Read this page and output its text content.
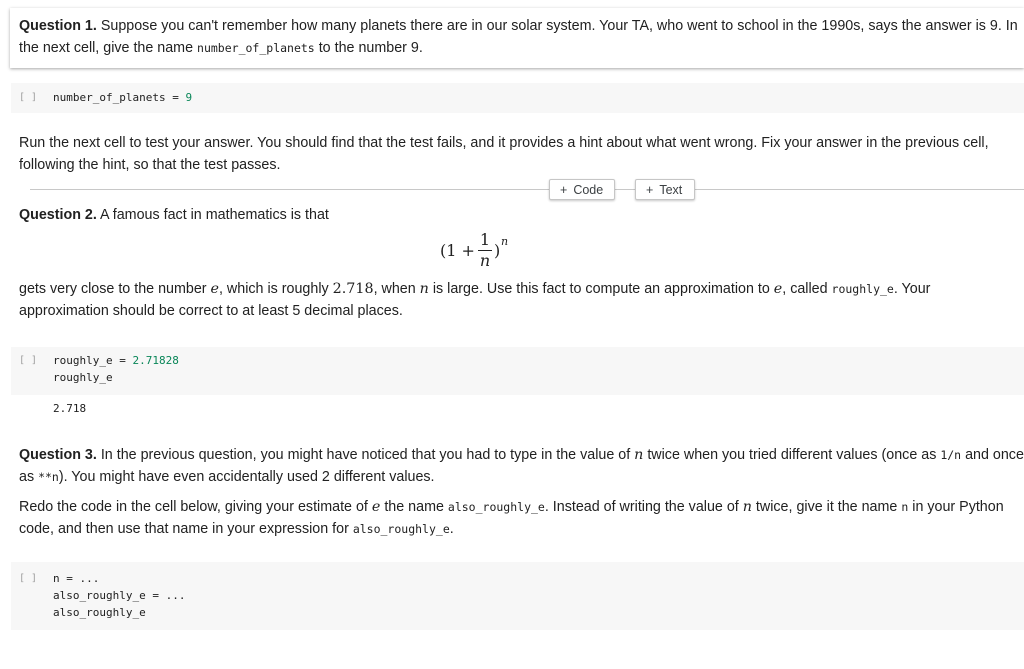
Question 1. Suppose you can't remember how many planets there are in our solar system. Your TA, who went to school in the 1990s, says the answer is 9. In the next cell, give the name number_of_planets to the number 9.

[ ] number_of_planets = 9

Run the next cell to test your answer. You should find that the test fails, and it provides a hint about what went wrong. Fix your answer in the previous cell, following the hint, so that the test passes.

+ Code	+ Text

Question 2. A famous fact in mathematics is that

(1 +
1
n
) n

gets very close to the number e, which is roughly 2.718, when n is large. Use this fact to compute an approximation to e, called roughly_e. Your approximation should be correct to at least 5 decimal places.

[ ] roughly_e = 2.71828
roughly_e
2.718

Question 3. In the previous question, you might have noticed that you had to type in the value of n twice when you tried different values (once as 1/n and once as **n). You might have even accidentally used 2 different values.

Redo the code in the cell below, giving your estimate of e the name also_roughly_e. Instead of writing the value of n twice, give it the name n in your Python code, and then use that name in your expression for also_roughly_e.

[ ] n = ...
also_roughly_e = ...
also_roughly_e
